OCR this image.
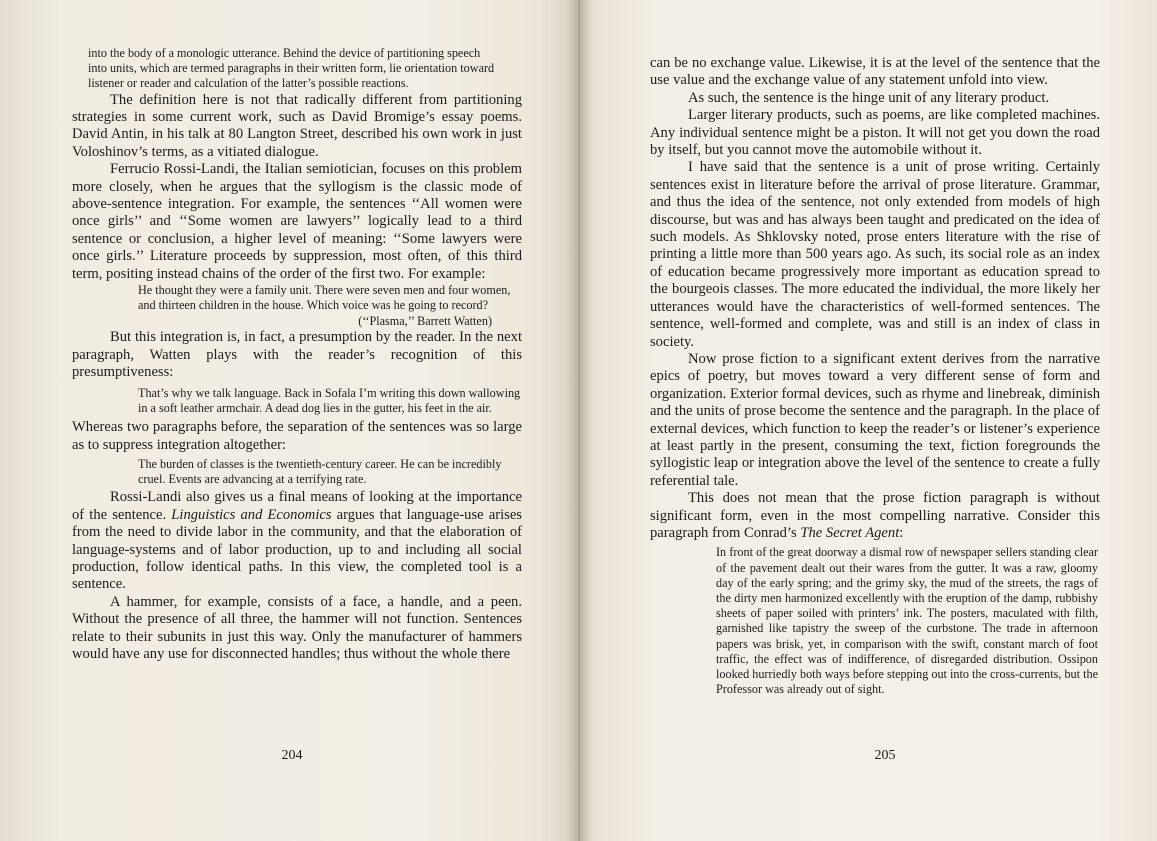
into the body of a monologic utterance. Behind the device of partitioning speech into units, which are termed paragraphs in their written form, lie orientation toward listener or reader and calculation of the latter’s possible reactions.

The definition here is not that radically different from partitioning strategies in some current work, such as David Bromige’s essay poems. David Antin, in his talk at 80 Langton Street, described his own work in just Voloshinov’s terms, as a vitiated dialogue.

Ferrucio Rossi-Landi, the Italian semiotician, focuses on this problem more closely, when he argues that the syllogism is the classic mode of above-sentence integration. For example, the sentences ‘‘All women were once girls’’ and ‘‘Some women are lawyers’’ logically lead to a third sentence or conclusion, a higher level of meaning: ‘‘Some lawyers were once girls.’’ Literature proceeds by suppression, most often, of this third term, positing instead chains of the order of the first two. For example:

He thought they were a family unit. There were seven men and four women, and thirteen children in the house. Which voice was he going to record?

(‘‘Plasma,’’ Barrett Watten)

But this integration is, in fact, a presumption by the reader. In the next paragraph, Watten plays with the reader’s recognition of this presumptiveness:

That’s why we talk language. Back in Sofala I’m writing this down wallowing in a soft leather armchair. A dead dog lies in the gutter, his feet in the air.

Whereas two paragraphs before, the separation of the sentences was so large as to suppress integration altogether:

The burden of classes is the twentieth-century career. He can be incredibly cruel. Events are advancing at a terrifying rate.

Rossi-Landi also gives us a final means of looking at the importance of the sentence. Linguistics and Economics argues that language-use arises from the need to divide labor in the community, and that the elaboration of language-systems and of labor production, up to and including all social production, follow identical paths. In this view, the completed tool is a sentence.

A hammer, for example, consists of a face, a handle, and a peen. Without the presence of all three, the hammer will not function. Sentences relate to their subunits in just this way. Only the manufacturer of hammers would have any use for disconnected handles; thus without the whole there

204

can be no exchange value. Likewise, it is at the level of the sentence that the use value and the exchange value of any statement unfold into view.

As such, the sentence is the hinge unit of any literary product.

Larger literary products, such as poems, are like completed machines. Any individual sentence might be a piston. It will not get you down the road by itself, but you cannot move the automobile without it.

I have said that the sentence is a unit of prose writing. Certainly sentences exist in literature before the arrival of prose literature. Grammar, and thus the idea of the sentence, not only extended from models of high discourse, but was and has always been taught and predicated on the idea of such models. As Shklovsky noted, prose enters literature with the rise of printing a little more than 500 years ago. As such, its social role as an index of education became progressively more important as education spread to the bourgeois classes. The more educated the individual, the more likely her utterances would have the characteristics of well-formed sentences. The sentence, well-formed and complete, was and still is an index of class in society.

Now prose fiction to a significant extent derives from the narrative epics of poetry, but moves toward a very different sense of form and organization. Exterior formal devices, such as rhyme and linebreak, diminish and the units of prose become the sentence and the paragraph. In the place of external devices, which function to keep the reader’s or listener’s experience at least partly in the present, consuming the text, fiction foregrounds the syllogistic leap or integration above the level of the sentence to create a fully referential tale.

This does not mean that the prose fiction paragraph is without significant form, even in the most compelling narrative. Consider this paragraph from Conrad’s The Secret Agent:

In front of the great doorway a dismal row of newspaper sellers standing clear of the pavement dealt out their wares from the gutter. It was a raw, gloomy day of the early spring; and the grimy sky, the mud of the streets, the rags of the dirty men harmonized excellently with the eruption of the damp, rubbishy sheets of paper soiled with printers’ ink. The posters, maculated with filth, garnished like tapistry the sweep of the curbstone. The trade in afternoon papers was brisk, yet, in comparison with the swift, constant march of foot traffic, the effect was of indifference, of disregarded distribution. Ossipon looked hurriedly both ways before stepping out into the cross-currents, but the Professor was already out of sight.

205
